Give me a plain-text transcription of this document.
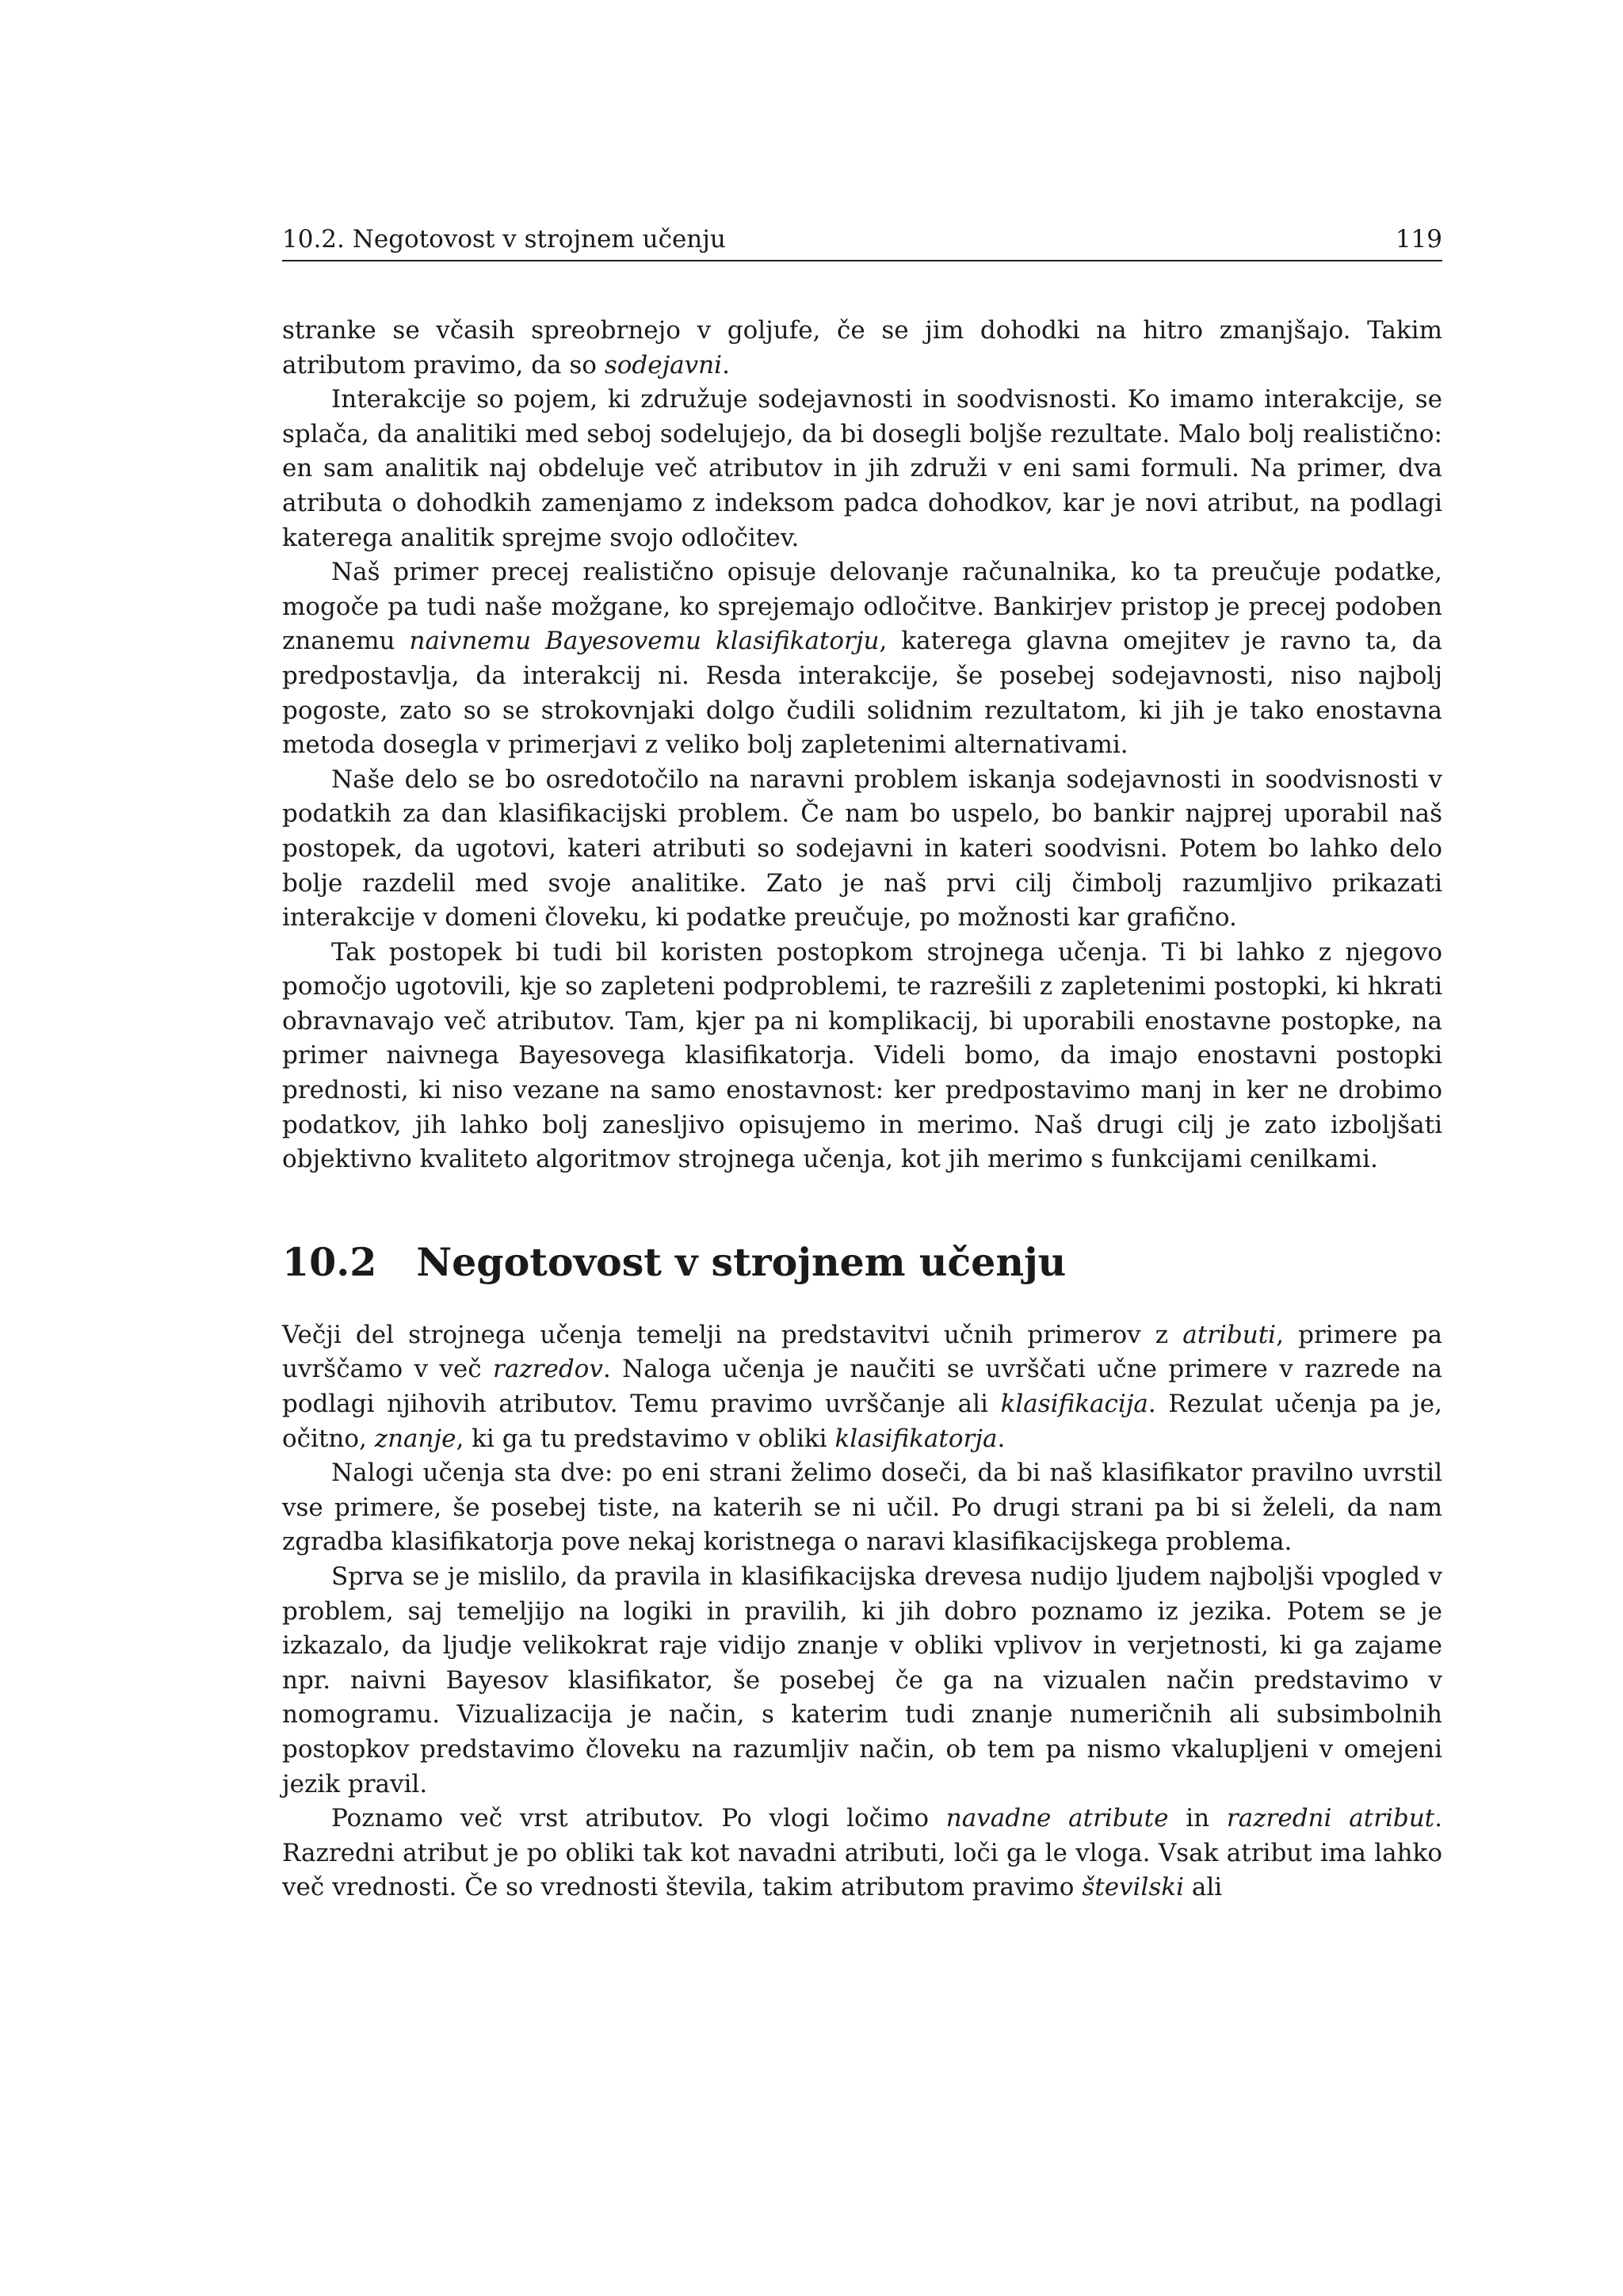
10.2. Negotovost v strojnem učenju	119

stranke se včasih spreobrnejo v goljufe, če se jim dohodki na hitro zmanjšajo. Takim atributom pravimo, da so sodejavni.

Interakcije so pojem, ki združuje sodejavnosti in soodvisnosti. Ko imamo interakcije, se splača, da analitiki med seboj sodelujejo, da bi dosegli boljše rezultate. Malo bolj realistično: en sam analitik naj obdeluje več atributov in jih združi v eni sami formuli. Na primer, dva atributa o dohodkih zamenjamo z indeksom padca dohodkov, kar je novi atribut, na podlagi katerega analitik sprejme svojo odločitev.

Naš primer precej realistično opisuje delovanje računalnika, ko ta preučuje podatke, mogoče pa tudi naše možgane, ko sprejemajo odločitve. Bankirjev pristop je precej podoben znanemu naivnemu Bayesovemu klasifikatorju, katerega glavna omejitev je ravno ta, da predpostavlja, da interakcij ni. Resda interakcije, še posebej sodejavnosti, niso najbolj pogoste, zato so se strokovnjaki dolgo čudili solidnim rezultatom, ki jih je tako enostavna metoda dosegla v primerjavi z veliko bolj zapletenimi alternativami.

Naše delo se bo osredotočilo na naravni problem iskanja sodejavnosti in soodvisnosti v podatkih za dan klasifikacijski problem. Če nam bo uspelo, bo bankir najprej uporabil naš postopek, da ugotovi, kateri atributi so sodejavni in kateri soodvisni. Potem bo lahko delo bolje razdelil med svoje analitike. Zato je naš prvi cilj čimbolj razumljivo prikazati interakcije v domeni človeku, ki podatke preučuje, po možnosti kar grafično.

Tak postopek bi tudi bil koristen postopkom strojnega učenja. Ti bi lahko z njegovo pomočjo ugotovili, kje so zapleteni podproblemi, te razrešili z zapletenimi postopki, ki hkrati obravnavajo več atributov. Tam, kjer pa ni komplikacij, bi uporabili enostavne postopke, na primer naivnega Bayesovega klasifikatorja. Videli bomo, da imajo enostavni postopki prednosti, ki niso vezane na samo enostavnost: ker predpostavimo manj in ker ne drobimo podatkov, jih lahko bolj zanesljivo opisujemo in merimo. Naš drugi cilj je zato izboljšati objektivno kvaliteto algoritmov strojnega učenja, kot jih merimo s funkcijami cenilkami.

10.2 Negotovost v strojnem učenju

Večji del strojnega učenja temelji na predstavitvi učnih primerov z atributi, primere pa uvrščamo v več razredov. Naloga učenja je naučiti se uvrščati učne primere v razrede na podlagi njihovih atributov. Temu pravimo uvrščanje ali klasifikacija. Rezulat učenja pa je, očitno, znanje, ki ga tu predstavimo v obliki klasifikatorja.

Nalogi učenja sta dve: po eni strani želimo doseči, da bi naš klasifikator pravilno uvrstil vse primere, še posebej tiste, na katerih se ni učil. Po drugi strani pa bi si želeli, da nam zgradba klasifikatorja pove nekaj koristnega o naravi klasifikacijskega problema.

Sprva se je mislilo, da pravila in klasifikacijska drevesa nudijo ljudem najboljši vpogled v problem, saj temeljijo na logiki in pravilih, ki jih dobro poznamo iz jezika. Potem se je izkazalo, da ljudje velikokrat raje vidijo znanje v obliki vplivov in verjetnosti, ki ga zajame npr. naivni Bayesov klasifikator, še posebej če ga na vizualen način predstavimo v nomogramu. Vizualizacija je način, s katerim tudi znanje numeričnih ali subsimbolnih postopkov predstavimo človeku na razumljiv način, ob tem pa nismo vkalupljeni v omejeni jezik pravil.

Poznamo več vrst atributov. Po vlogi ločimo navadne atribute in razredni atribut. Razredni atribut je po obliki tak kot navadni atributi, loči ga le vloga. Vsak atribut ima lahko več vrednosti. Če so vrednosti števila, takim atributom pravimo številski ali
